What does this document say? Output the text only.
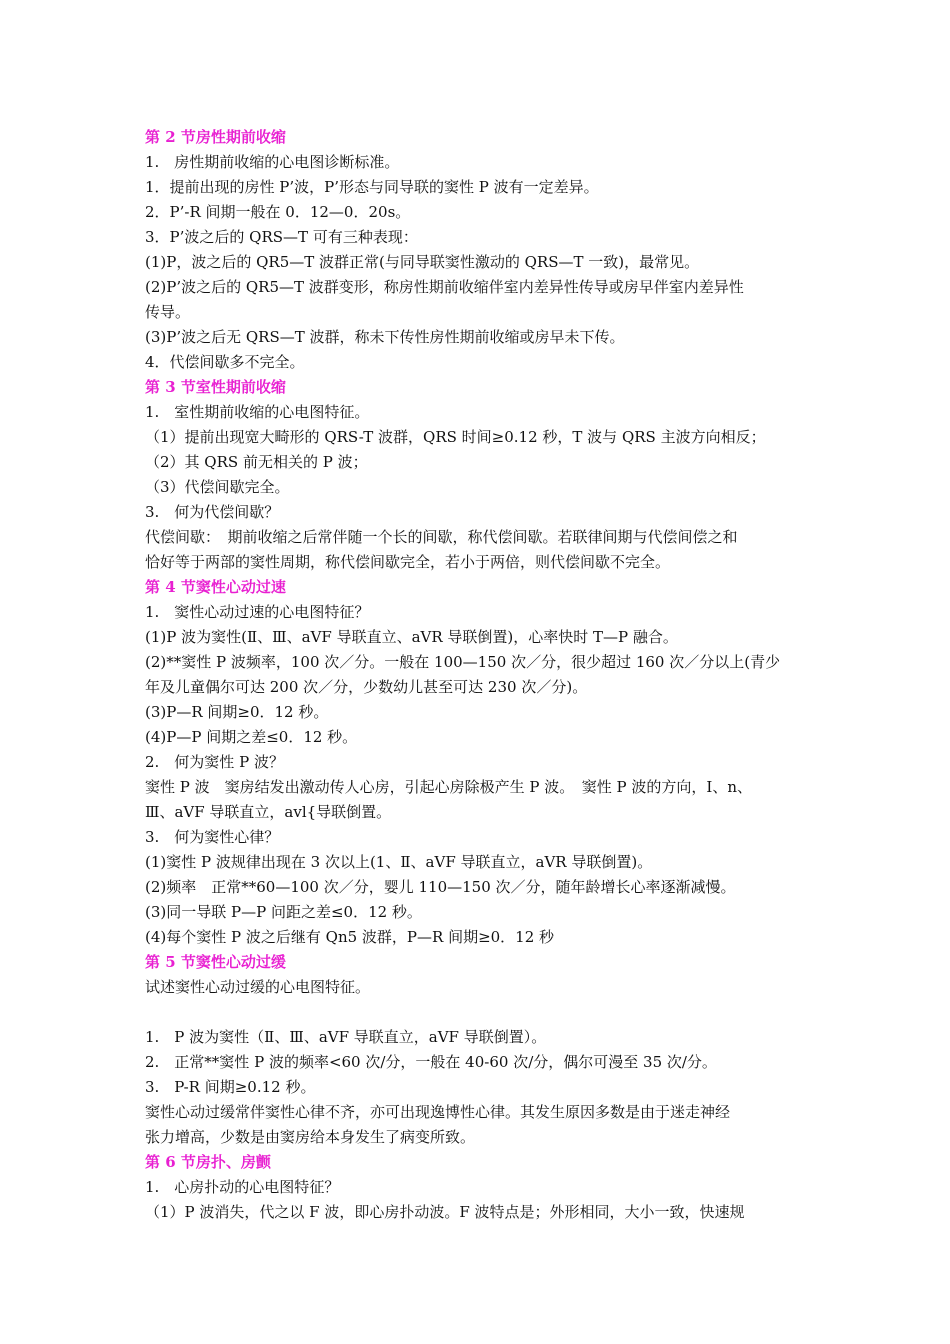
第 2 节房性期前收缩
1.　房性期前收缩的心电图诊断标准。
1．提前出现的房性 P’波，P’形态与同导联的窦性 P 波有一定差异。
2．P’-R 间期一般在 0．12—0．20s。
3．P’波之后的 QRS—T 可有三种表现：
(1)P，波之后的 QR5—T 波群正常(与同导联窦性激动的 QRS—T 一致)，最常见。
(2)P’波之后的 QR5—T 波群变形，称房性期前收缩伴室内差异性传导或房早伴室内差异性
传导。
(3)P’波之后无 QRS—T 波群，称未下传性房性期前收缩或房早未下传。
4．代偿间歇多不完全。
第 3 节室性期前收缩
1.　室性期前收缩的心电图特征。
（1）提前出现宽大畸形的 QRS-T 波群，QRS 时间≥0.12 秒，T 波与 QRS 主波方向相反；
（2）其 QRS 前无相关的 P 波；
（3）代偿间歇完全。
3.　何为代偿间歇？
代偿间歇：　期前收缩之后常伴随一个长的间歇，称代偿间歇。若联律间期与代偿间偿之和
恰好等于两部的窦性周期，称代偿间歇完全，若小于两倍，则代偿间歇不完全。
第 4 节窦性心动过速
1.　窦性心动过速的心电图特征？
(1)P 波为窦性(Ⅱ、Ⅲ、aVF 导联直立、aVR 导联倒置)，心率快时 T—P 融合。
(2)**窦性 P 波频率，100 次／分。一般在 100—150 次／分，很少超过 160 次／分以上(青少
年及儿童偶尔可达 200 次／分，少数幼儿甚至可达 230 次／分)。
(3)P—R 间期≥0．12 秒。
(4)P—P 间期之差≤0．12 秒。
2.　何为窦性 P 波？
窦性 P 波　窦房结发出激动传人心房，引起心房除极产生 P 波。　窦性 P 波的方向，I、n、
Ⅲ、aVF 导联直立，avl{导联倒置。
3.　何为窦性心律？
(1)窦性 P 波规律出现在 3 次以上(1、Ⅱ、aVF 导联直立，aVR 导联倒置)。
(2)频率　正常**60—100 次／分，婴儿 110—150 次／分，随年龄增长心率逐渐减慢。
(3)同一导联 P—P 问距之差≤0．12 秒。
(4)每个窦性 P 波之后继有 Qn5 波群，P—R 间期≥0．12 秒
第 5 节窦性心动过缓
试述窦性心动过缓的心电图特征。
1.　P 波为窦性（Ⅱ、Ⅲ、aVF 导联直立，aVF 导联倒置）。
2.　正常**窦性 P 波的频率<60 次/分，一般在 40-60 次/分，偶尔可漫至 35 次/分。
3.　P-R 间期≥0.12 秒。
窦性心动过缓常伴窦性心律不齐，亦可出现逸博性心律。其发生原因多数是由于迷走神经
张力增高，少数是由窦房给本身发生了病变所致。
第 6 节房扑、房颤
1.　心房扑动的心电图特征？
（1）P 波消失，代之以 F 波，即心房扑动波。F 波特点是；外形相同，大小一致，快速规
